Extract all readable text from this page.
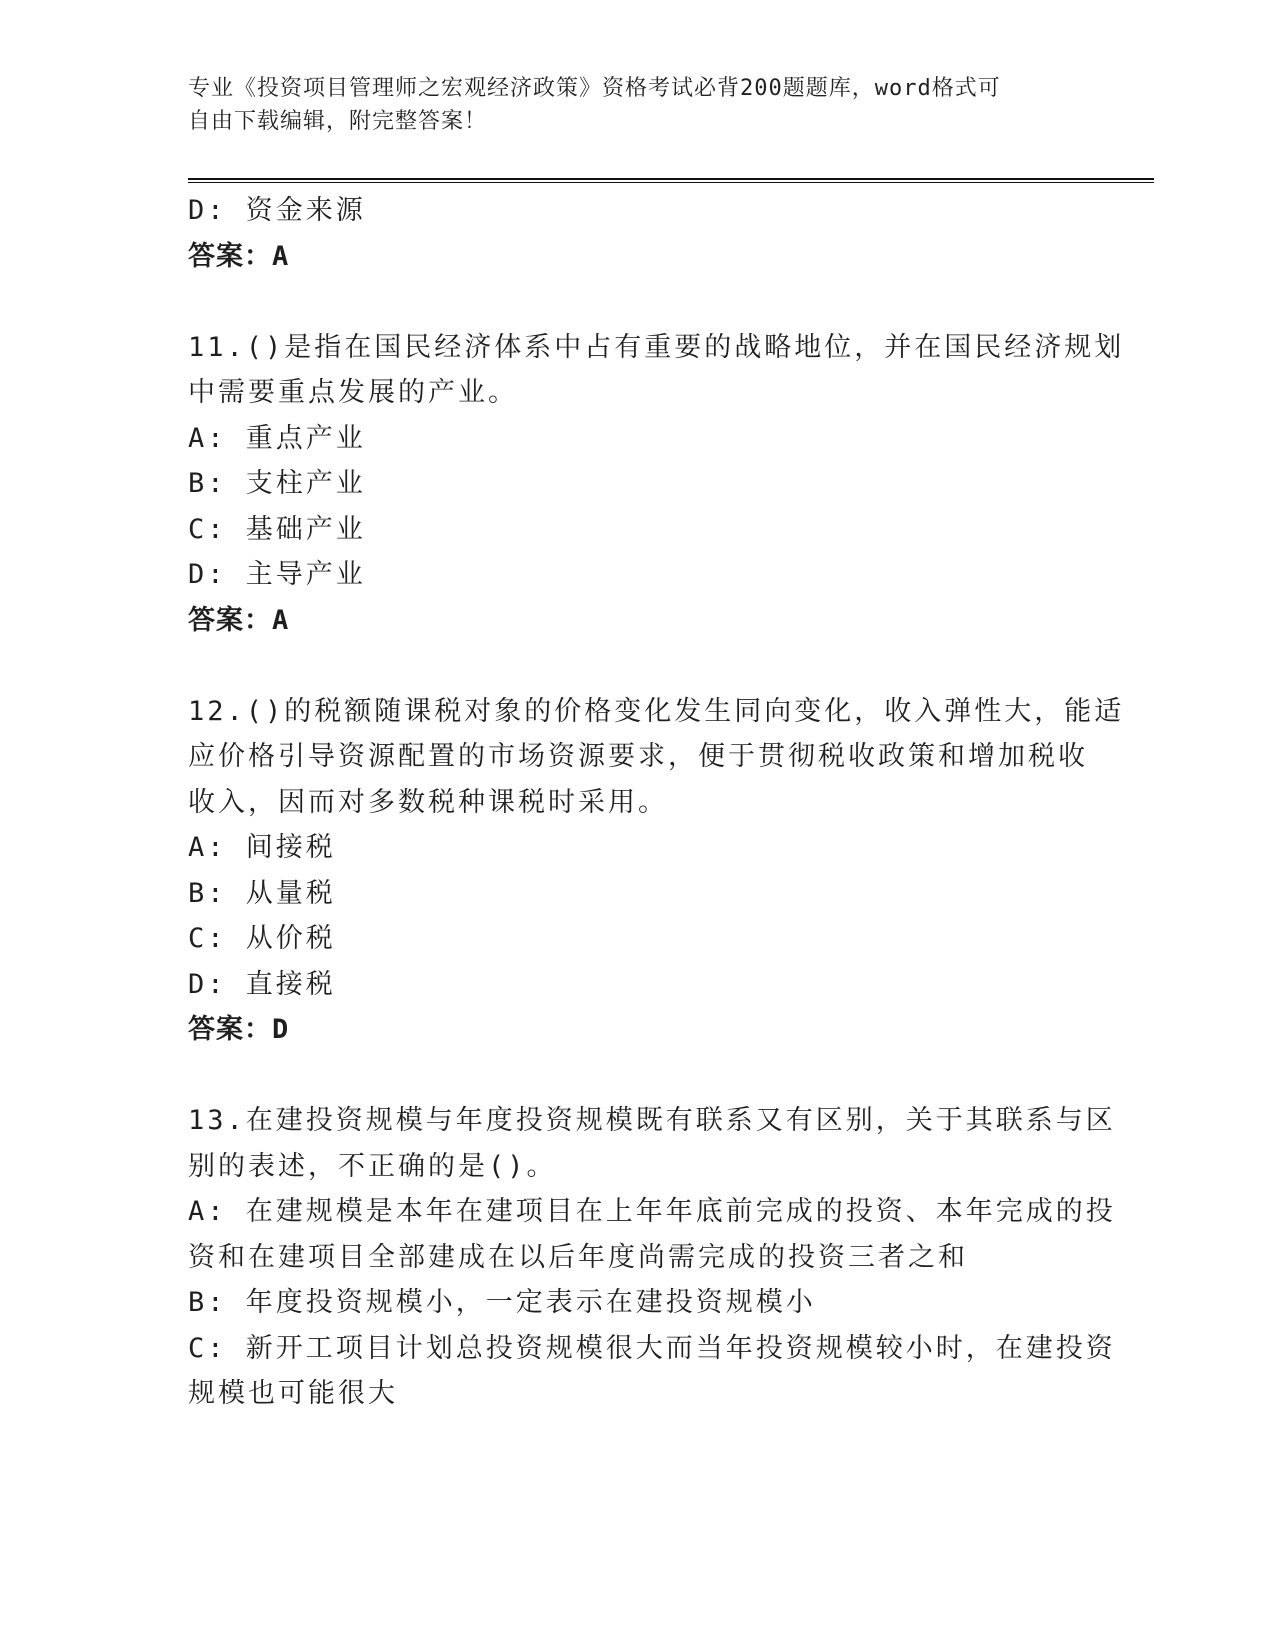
专业《投资项目管理师之宏观经济政策》资格考试必背200题题库，word格式可
自由下载编辑，附完整答案！
D: 资金来源
答案：A
11.()是指在国民经济体系中占有重要的战略地位，并在国民经济规划
中需要重点发展的产业。
A: 重点产业
B: 支柱产业
C: 基础产业
D: 主导产业
答案：A
12.()的税额随课税对象的价格变化发生同向变化，收入弹性大，能适
应价格引导资源配置的市场资源要求，便于贯彻税收政策和增加税收
收入，因而对多数税种课税时采用。
A: 间接税
B: 从量税
C: 从价税
D: 直接税
答案：D
13.在建投资规模与年度投资规模既有联系又有区别，关于其联系与区
别的表述，不正确的是()。
A: 在建规模是本年在建项目在上年年底前完成的投资、本年完成的投
资和在建项目全部建成在以后年度尚需完成的投资三者之和
B: 年度投资规模小，一定表示在建投资规模小
C: 新开工项目计划总投资规模很大而当年投资规模较小时，在建投资
规模也可能很大
